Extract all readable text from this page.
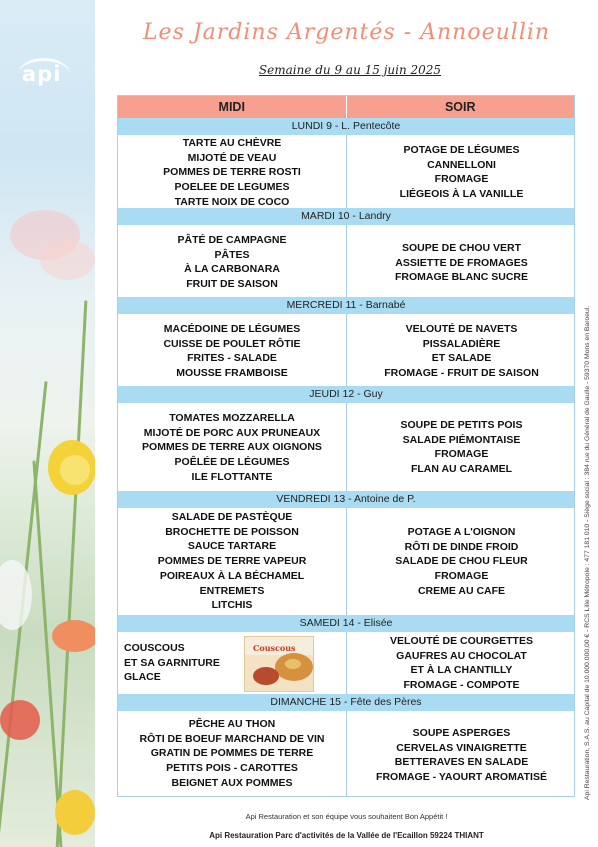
api
Les Jardins Argentés - Annoeullin
Semaine du 9 au 15 juin 2025
MIDI	SOIR
LUNDI 9 - L. Pentecôte
TARTE AU CHÈVRE
MIJOTÉ DE VEAU
POMMES DE TERRE ROSTI
POELEE DE LEGUMES
TARTE NOIX DE COCO
POTAGE DE LÉGUMES
CANNELLONI
FROMAGE
LIÉGEOIS À LA VANILLE
MARDI 10 - Landry
PÂTÉ DE CAMPAGNE
PÂTES
À LA CARBONARA
FRUIT DE SAISON
SOUPE DE CHOU VERT
ASSIETTE DE FROMAGES
FROMAGE BLANC SUCRE
MERCREDI 11 - Barnabé
MACÉDOINE DE LÉGUMES
CUISSE DE POULET RÔTIE
FRITES - SALADE
MOUSSE FRAMBOISE
VELOUTÉ DE NAVETS
PISSALADIÈRE
ET SALADE
FROMAGE - FRUIT DE SAISON
JEUDI 12 - Guy
TOMATES MOZZARELLA
MIJOTÉ DE PORC AUX PRUNEAUX
POMMES DE TERRE AUX OIGNONS
POÊLÉE DE LÉGUMES
ILE FLOTTANTE
SOUPE DE PETITS POIS
SALADE PIÉMONTAISE
FROMAGE
FLAN AU CARAMEL
VENDREDI 13 - Antoine de P.
SALADE DE PASTÈQUE
BROCHETTE DE POISSON
SAUCE TARTARE
POMMES DE TERRE VAPEUR
POIREAUX À LA BÉCHAMEL
ENTREMETS
LITCHIS
POTAGE A L'OIGNON
RÔTI DE DINDE FROID
SALADE DE CHOU FLEUR
FROMAGE
CREME AU CAFE
SAMEDI 14 - Elisée
COUSCOUS
ET SA GARNITURE
GLACE
Couscous
VELOUTÉ DE COURGETTES
GAUFRES AU CHOCOLAT
ET À LA CHANTILLY
FROMAGE - COMPOTE
DIMANCHE 15 - Fête des Pères
PÊCHE AU THON
RÔTI DE BOEUF MARCHAND DE VIN
GRATIN DE POMMES DE TERRE
PETITS POIS - CAROTTES
BEIGNET AUX POMMES
SOUPE ASPERGES
CERVELAS VINAIGRETTE
BETTERAVES EN SALADE
FROMAGE - YAOURT AROMATISÉ
Api Restauration et son équipe vous souhaitent Bon Appétit !
Api Restauration Parc d'activités de la Vallée de l'Ecaillon 59224 THIANT
Api Restauration, S.A.S. au Capital de 10.000.000,00 € - RCS Lille Métropole : 477 181 010 - Siège social : 384 rue du Général de Gaulle - 59370 Mons en Baroeul.
